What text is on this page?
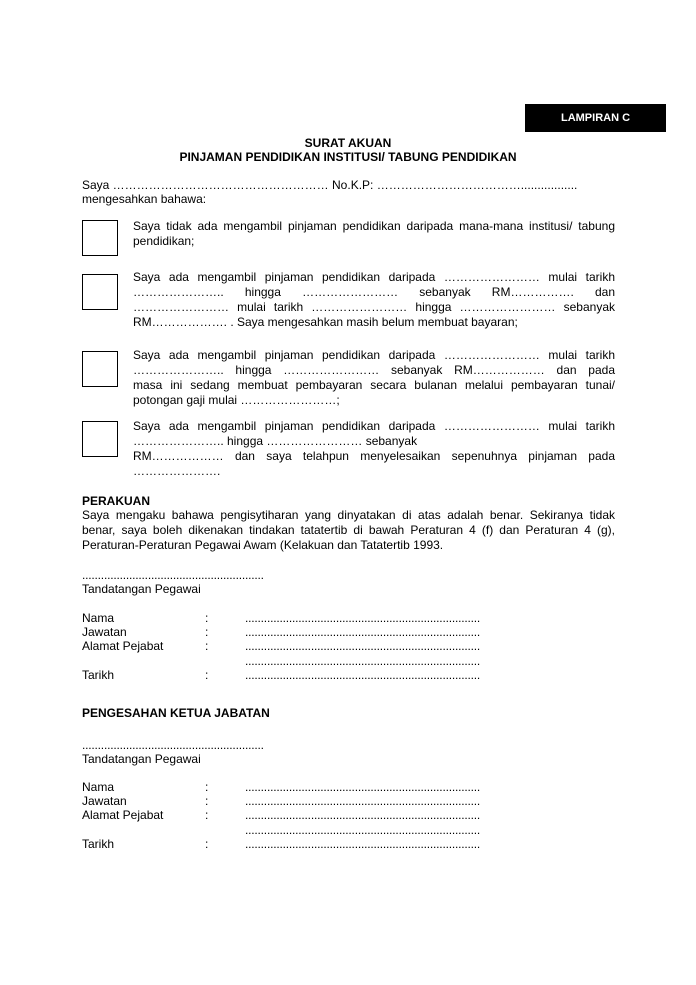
LAMPIRAN C
SURAT AKUAN
PINJAMAN PENDIDIKAN INSTITUSI/ TABUNG PENDIDIKAN
Saya ……………………………………………… No.K.P: ……………………………….................
mengesahkan bahawa:
Saya tidak ada mengambil pinjaman pendidikan daripada mana-mana institusi/ tabung
pendidikan;
Saya ada mengambil pinjaman pendidikan daripada …………………… mulai tarikh
………………….. hingga …………………… sebanyak RM……………. dan
…………………… mulai tarikh …………………… hingga …………………… sebanyak
RM………………. . Saya mengesahkan masih belum membuat bayaran;
Saya ada mengambil pinjaman pendidikan daripada …………………… mulai tarikh
………………….. hingga …………………… sebanyak RM……………… dan pada
masa ini sedang membuat pembayaran secara bulanan melalui pembayaran tunai/
potongan gaji mulai ……………………;
Saya ada mengambil pinjaman pendidikan daripada …………………… mulai tarikh
………………….. hingga …………………… sebanyak
RM……………… dan saya telahpun menyelesaikan sepenuhnya pinjaman pada
………………….
PERAKUAN
Saya mengaku bahawa pengisytiharan yang dinyatakan di atas adalah benar. Sekiranya tidak
benar, saya boleh dikenakan tindakan tatatertib di bawah Peraturan 4 (f) dan Peraturan 4 (g),
Peraturan-Peraturan Pegawai Awam (Kelakuan dan Tatatertib 1993.
..........................................................
Tandatangan Pegawai
Nama	:	...........................................................................
Jawatan	:	...........................................................................
Alamat Pejabat	:	...........................................................................
...........................................................................
Tarikh	:	...........................................................................
PENGESAHAN KETUA JABATAN
..........................................................
Tandatangan Pegawai
Nama	:	...........................................................................
Jawatan	:	...........................................................................
Alamat Pejabat	:	...........................................................................
...........................................................................
Tarikh	:	...........................................................................
